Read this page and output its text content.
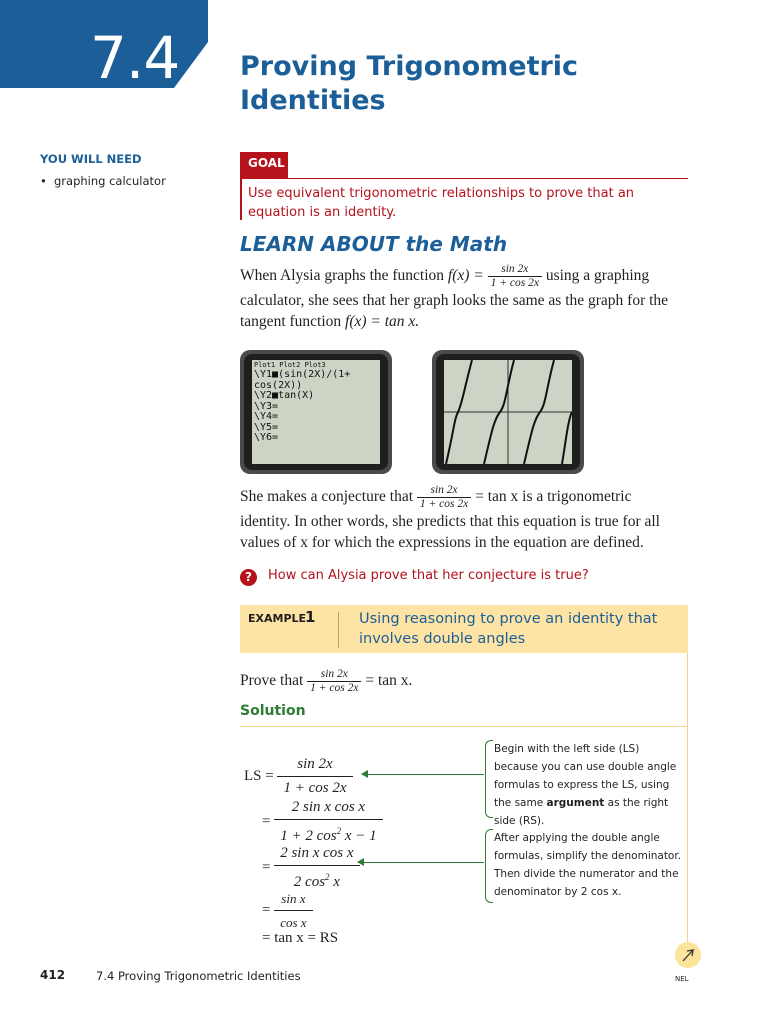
7.4 Proving Trigonometric Identities
YOU WILL NEED
• graphing calculator
GOAL
Use equivalent trigonometric relationships to prove that an equation is an identity.
LEARN ABOUT the Math
When Alysia graphs the function $f(x) = \frac{\sin 2x}{1 + \cos 2x}$ using a graphing calculator, she sees that her graph looks the same as the graph for the tangent function f(x) = tan x.
Plot1 Plot2 Plot3
\Y1■(sin(2X)/(1+
cos(2X))
\Y2■tan(X)
\Y3=
\Y4=
\Y5=
\Y6=
She makes a conjecture that $\frac{\sin 2x}{1 + \cos 2x} = \tan x$ is a trigonometric identity. In other words, she predicts that this equation is true for all values of x for which the expressions in the equation are defined.
?	How can Alysia prove that her conjecture is true?
EXAMPLE
1	Using reasoning to prove an identity that involves double angles
Prove that $\frac{\sin 2x}{1 + \cos 2x} = \tan x$.
Solution
LS = $\frac{\sin 2x}{1 + \cos 2x}$
= $\frac{\text{2 sin x cos x}}{1 + 2 \cos^2 x - 1}$
= $\frac{\text{2 sin x cos x}}{2 \cos^2 x}$
= $\frac{\text{sin x}}{\text{cos x}}$
= tan x = RS
Begin with the left side (LS) because you can use double angle formulas to express the LS, using the same argument as the right side (RS).
After applying the double angle formulas, simplify the denominator. Then divide the numerator and the denominator by 2 cos x.
412	7.4 Proving Trigonometric Identities	NEL
